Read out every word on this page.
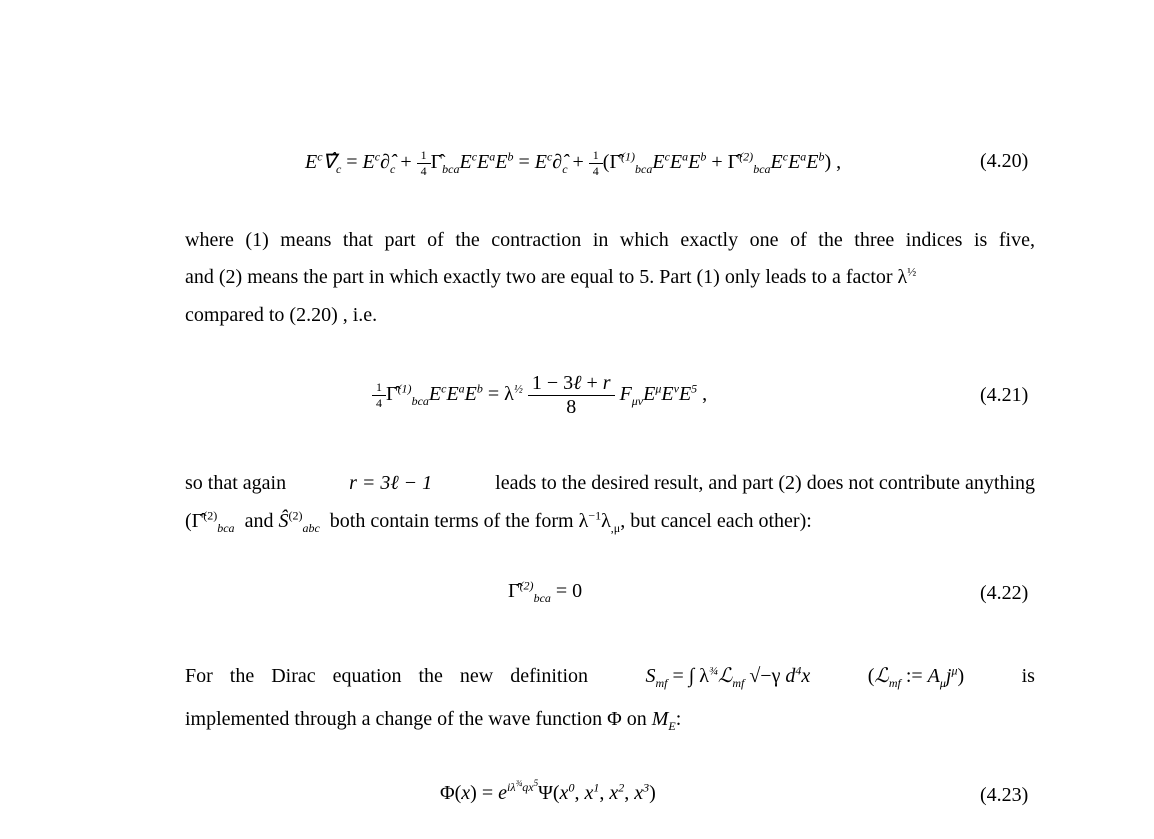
$E^c\nablâ_c$ = $E^c\partial̂_c + \frac{1}{4}$ $\Gammâ_{bca}E^cE^aE^b$ = $E^c\partial̂_c + \frac{1}{4}$ ($\Gammâ^{(1)}_{bca}E^cE^aE^b$ + $\Gammâ^{(2)}_{bca}E^cE^aE^b$) ,	(4.20)
where (1) means that part of the contraction in which exactly one of the three indices is five,
and (2) means the part in which exactly two are equal to 5. Part (1) only leads to a factor $\lambda^{\frac{1}{2}}$
compared to (2.20) , i.e.
$\frac{1}{4}$ $\Gammâ^{(1)}_{bca}E^cE^aE^b = \lambda^{\frac{1}{2}} \frac{\text{1 − 3ℓ + r}}{8} F_{\mu\nu}E^\mu E^\nu E^5$ ,	(4.21)
so that again	r = 3ℓ − 1	leads to the desired result, and part (2) does not contribute anything
(Γ̂$^{(2)}_{bca}$ and $Ŝ^{(2)}_{abc}$ both contain terms of the form $\lambda^{-1}\lambda_{,\mu}$, but cancel each other):
Γ̂$^{(2)}_{bca}$ = 0	(4.22)
For the Dirac equation the new definition	$S_{mf}$ = ∫ $\lambda^{\frac{3}{4}}ℒ_{mf}$ √−γ $d^4x$	(ℒ$_{mf}$ := $A_\mu j^\mu$)	is
implemented through a change of the wave function Φ on $M_E$:
$\Phi(x) = e^{i\lambda^{\frac{3}{4}}qx^5}\Psi(x^0$, $x^1$, $x^2$, $x^3$)	(4.23)
